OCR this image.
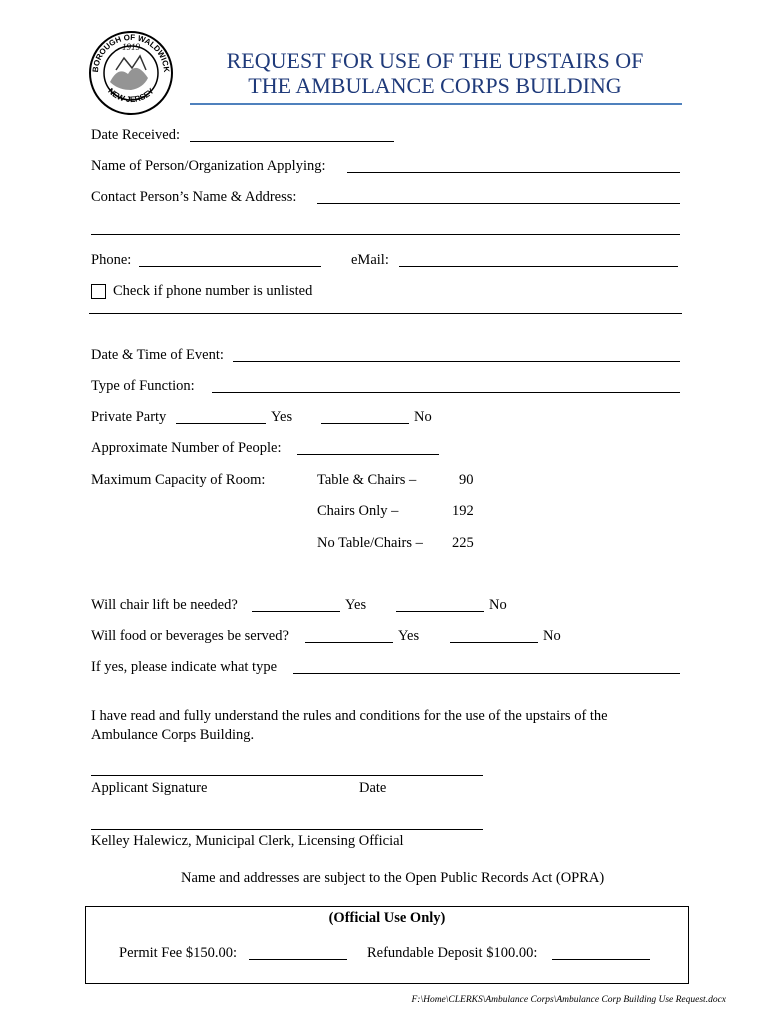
1919
BOROUGH OF WALDWICK
NEW JERSEY
REQUEST FOR USE OF THE UPSTAIRS OF
THE AMBULANCE CORPS BUILDING
Date Received:
Name of Person/Organization Applying:
Contact Person’s Name & Address:
Phone:	eMail:
Check if phone number is unlisted
Date & Time of Event:
Type of Function:
Private Party	Yes	No
Approximate Number of People:
Maximum Capacity of Room:	Table & Chairs –	90
Chairs Only –	192
No Table/Chairs – 225
Will chair lift be needed?	Yes	No
Will food or beverages be served?	Yes	No
If yes, please indicate what type
I have read and fully understand the rules and conditions for the use of the upstairs of the
Ambulance Corps Building.
Applicant Signature	Date
Kelley Halewicz, Municipal Clerk, Licensing Official
Name and addresses are subject to the Open Public Records Act (OPRA)
(Official Use Only)
Permit Fee $150.00:	Refundable Deposit $100.00:
F:\Home\CLERKS\Ambulance Corps\Ambulance Corp Building Use Request.docx
